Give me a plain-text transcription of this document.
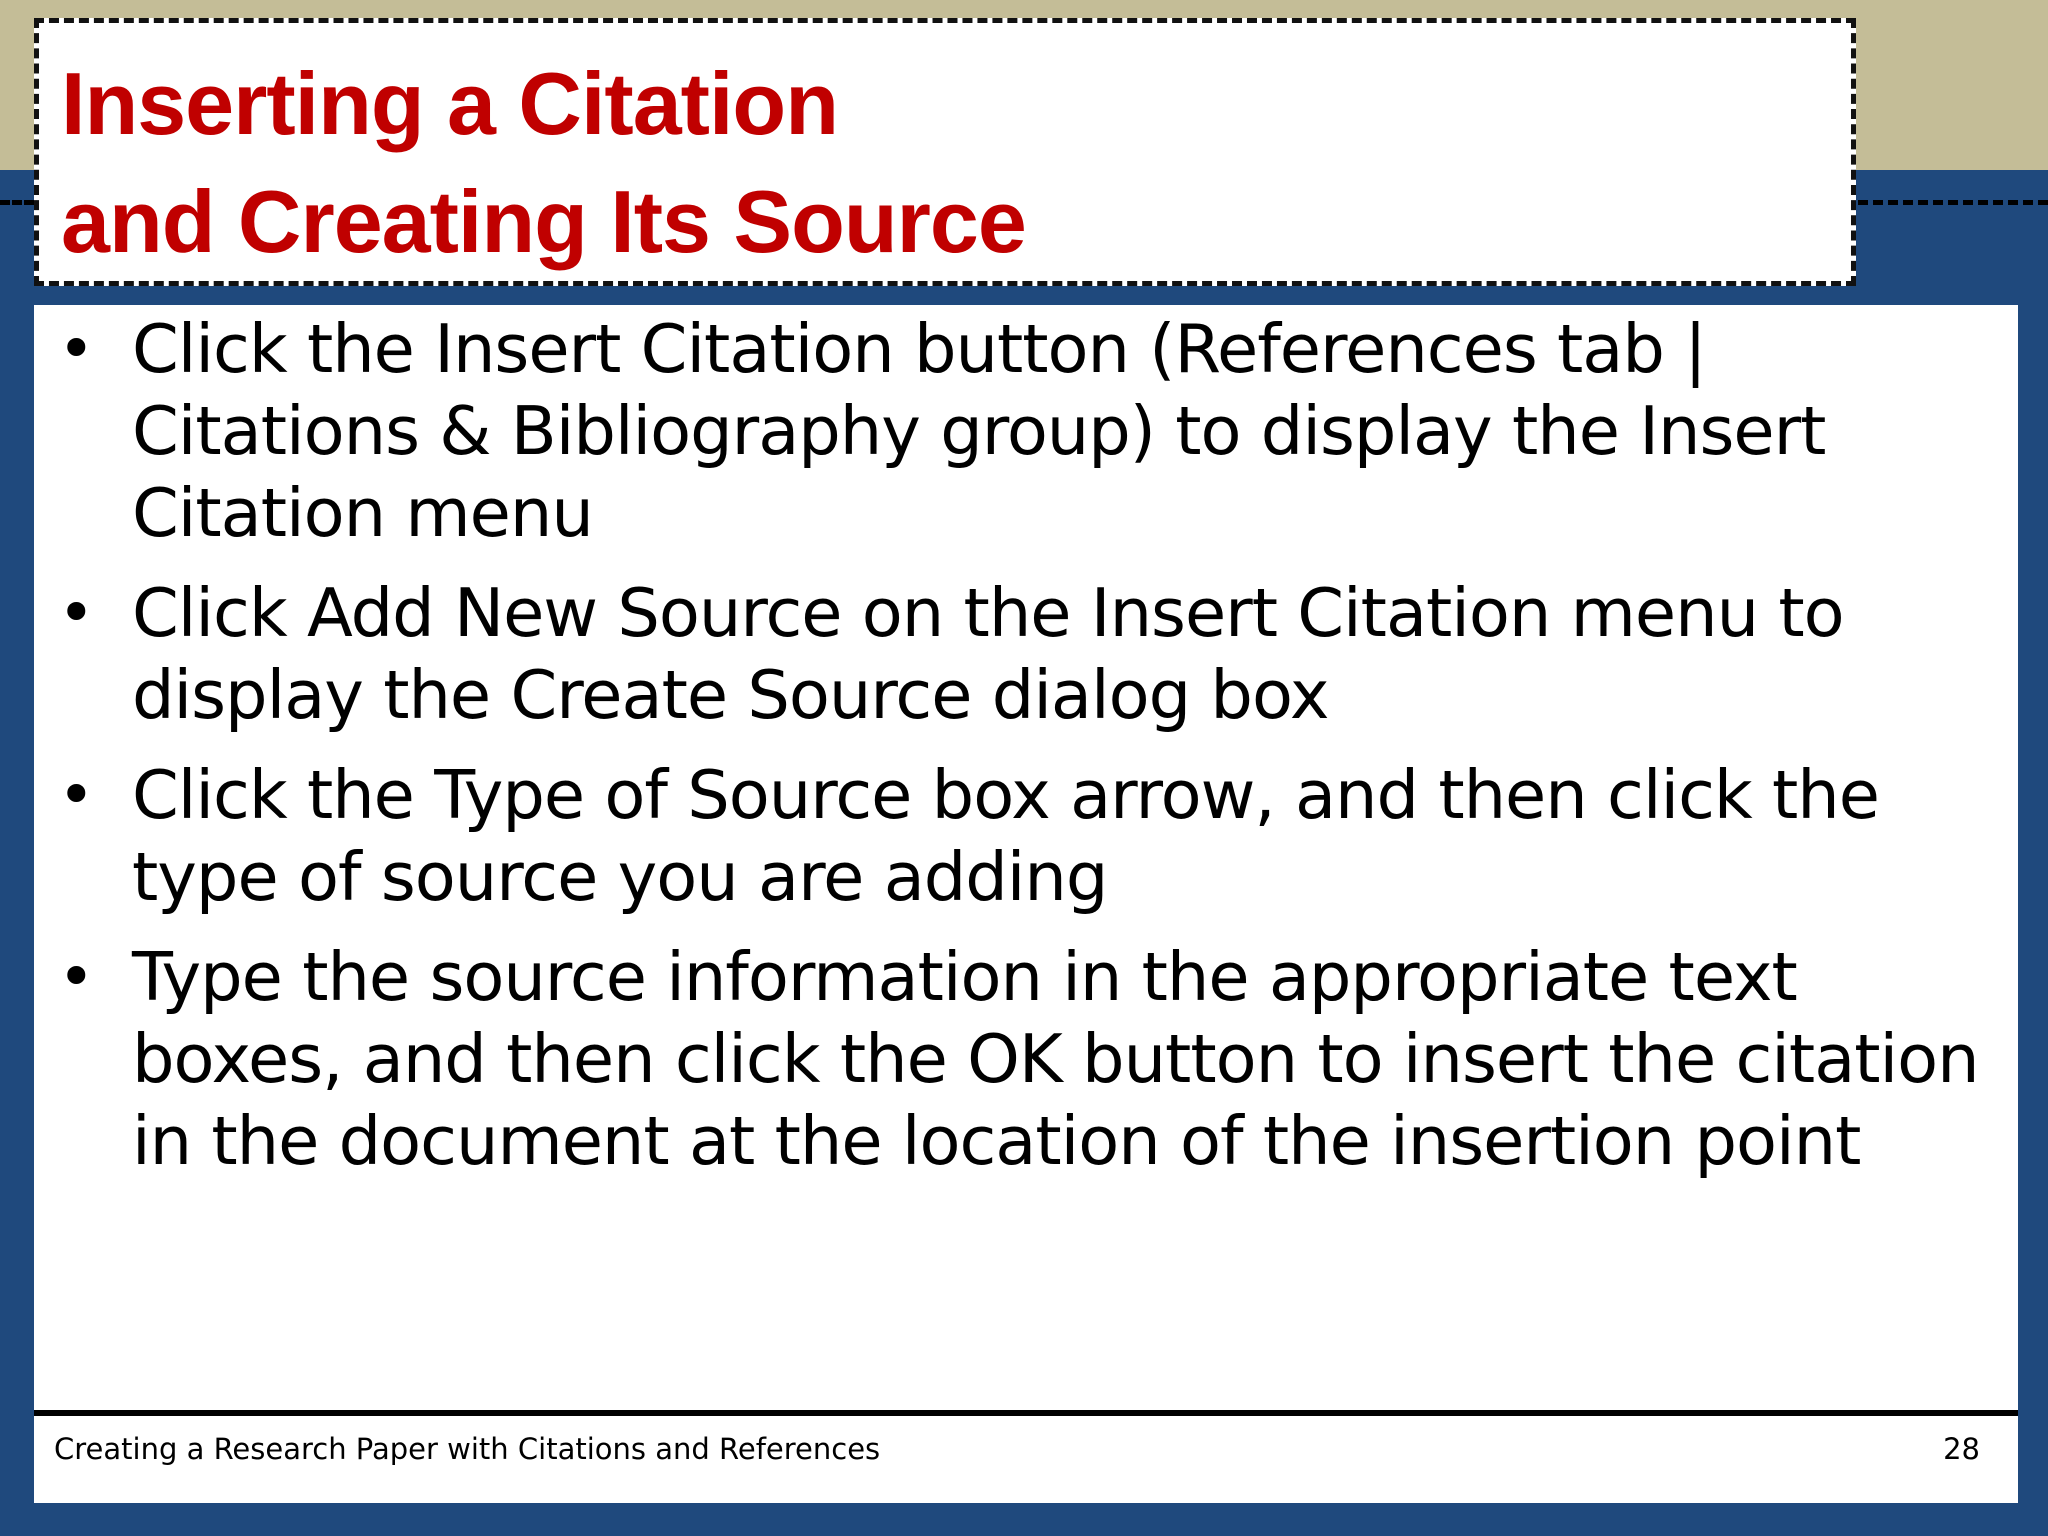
Inserting a Citation
and Creating Its Source
• Click the Insert Citation button (References tab | Citations & Bibliography group) to display the Insert Citation menu
• Click Add New Source on the Insert Citation menu to display the Create Source dialog box
• Click the Type of Source box arrow, and then click the type of source you are adding
• Type the source information in the appropriate text boxes, and then click the OK button to insert the citation in the document at the location of the insertion point
Creating a Research Paper with Citations and References	28
